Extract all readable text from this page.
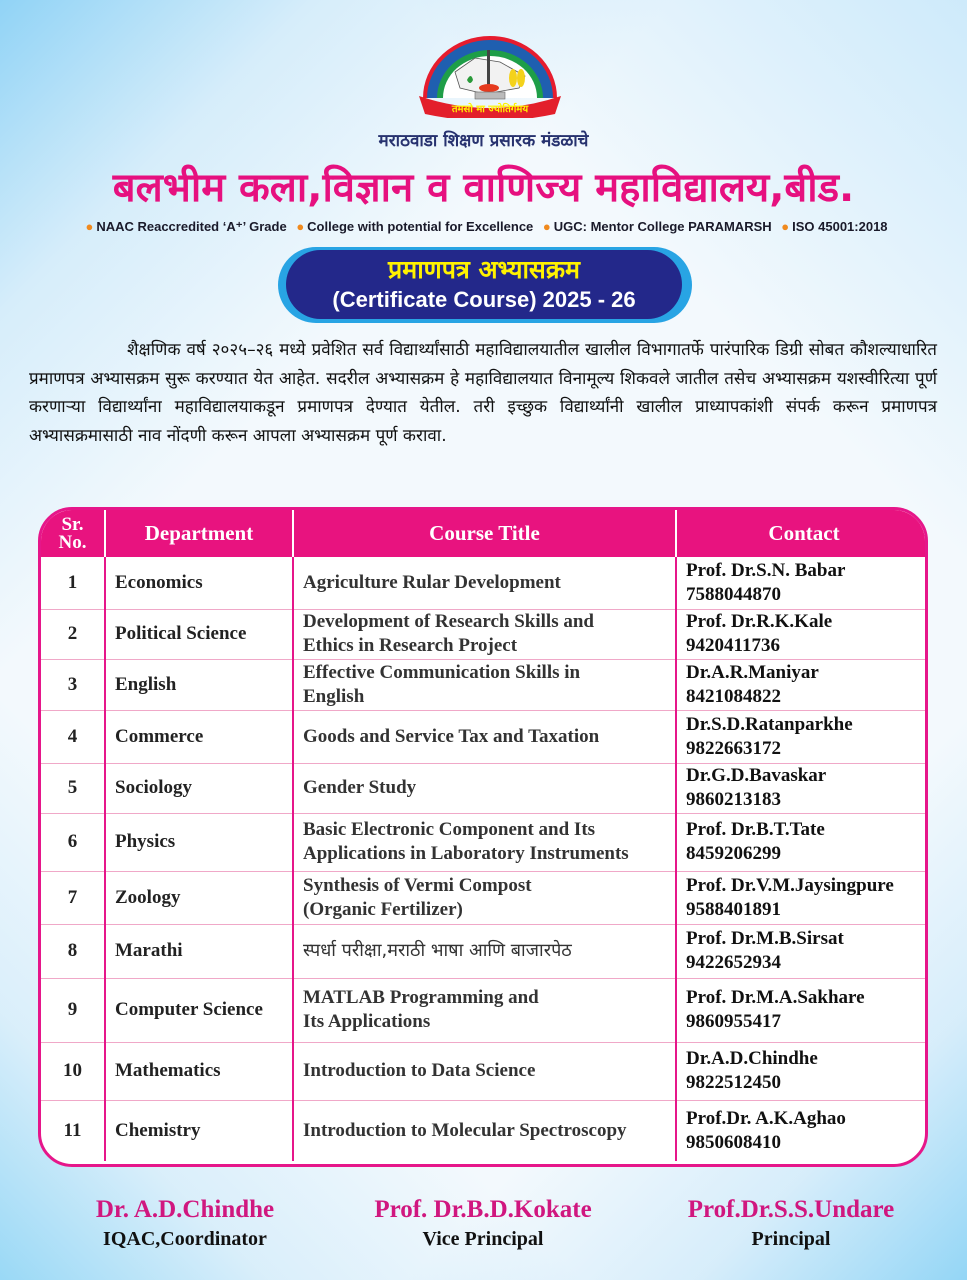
तमसो मा ज्योतिर्गमय
मराठवाडा शिक्षण प्रसारक मंडळाचे
बलभीम कला,विज्ञान व वाणिज्य महाविद्यालय,बीड.
● NAAC Reaccredited ‘A⁺’ Grade ● College with potential for Excellence ● UGC: Mentor College PARAMARSH ● ISO 45001:2018
प्रमाणपत्र अभ्यासक्रम
(Certificate Course) 2025 - 26
शैक्षणिक वर्ष २०२५–२६ मध्ये प्रवेशित सर्व विद्यार्थ्यांसाठी महाविद्यालयातील खालील विभागातर्फे पारंपारिक डिग्री सोबत कौशल्याधारित प्रमाणपत्र अभ्यासक्रम सुरू करण्यात येत आहेत. सदरील अभ्यासक्रम हे महाविद्यालयात विनामूल्य शिकवले जातील तसेच अभ्यासक्रम यशस्वीरित्या पूर्ण करणाऱ्या विद्यार्थ्यांना महाविद्यालयाकडून प्रमाणपत्र देण्यात येतील. तरी इच्छुक विद्यार्थ्यांनी खालील प्राध्यापकांशी संपर्क करून प्रमाणपत्र अभ्यासक्रमासाठी नाव नोंदणी करून आपला अभ्यासक्रम पूर्ण करावा.
Sr.
No.	Department	Course Title	Contact
1	Economics	Agriculture Rular Development	Prof. Dr.S.N. Babar
7588044870
2	Political Science	Development of Research Skills and
Ethics in Research Project	Prof. Dr.R.K.Kale
9420411736
3	English	Effective Communication Skills in
English	Dr.A.R.Maniyar
8421084822
4	Commerce	Goods and Service Tax and Taxation	Dr.S.D.Ratanparkhe
9822663172
5	Sociology	Gender Study	Dr.G.D.Bavaskar
9860213183
6	Physics	Basic Electronic Component and Its
Applications in Laboratory Instruments	Prof. Dr.B.T.Tate
8459206299
7	Zoology	Synthesis of Vermi Compost
(Organic Fertilizer)	Prof. Dr.V.M.Jaysingpure
9588401891
8	Marathi	स्पर्धा परीक्षा,मराठी भाषा आणि बाजारपेठ	Prof. Dr.M.B.Sirsat
9422652934
9	Computer Science	MATLAB Programming and
Its Applications	Prof. Dr.M.A.Sakhare
9860955417
10	Mathematics	Introduction to Data Science	Dr.A.D.Chindhe
9822512450
11	Chemistry	Introduction to Molecular Spectroscopy	Prof.Dr. A.K.Aghao
9850608410
Dr. A.D.Chindhe
IQAC,Coordinator
Prof. Dr.B.D.Kokate
Vice Principal
Prof.Dr.S.S.Undare
Principal
